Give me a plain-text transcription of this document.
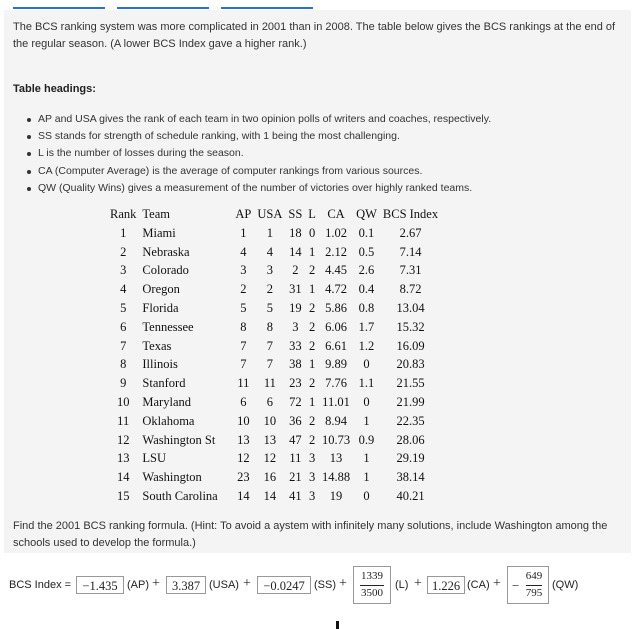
The BCS ranking system was more complicated in 2001 than in 2008. The table below gives the BCS rankings at the end of the regular season. (A lower BCS Index gave a higher rank.)
Table headings:
AP and USA gives the rank of each team in two opinion polls of writers and coaches, respectively.
SS stands for strength of schedule ranking, with 1 being the most challenging.
L is the number of losses during the season.
CA (Computer Average) is the average of computer rankings from various sources.
QW (Quality Wins) gives a measurement of the number of victories over highly ranked teams.
Rank	Team	AP	USA	SS	L	CA	QW	BCS Index
1	Miami	1	1	18	0	1.02	0.1	2.67
2	Nebraska	4	4	14	1	2.12	0.5	7.14
3	Colorado	3	3	2	2	4.45	2.6	7.31
4	Oregon	2	2	31	1	4.72	0.4	8.72
5	Florida	5	5	19	2	5.86	0.8	13.04
6	Tennessee	8	8	3	2	6.06	1.7	15.32
7	Texas	7	7	33	2	6.61	1.2	16.09
8	Illinois	7	7	38	1	9.89	0	20.83
9	Stanford	11	11	23	2	7.76	1.1	21.55
10	Maryland	6	6	72	1	11.01	0	21.99
11	Oklahoma	10	10	36	2	8.94	1	22.35
12	Washington St	13	13	47	2	10.73	0.9	28.06
13	LSU	12	12	11	3	13	1	29.19
14	Washington	23	16	21	3	14.88	1	38.14
15	South Carolina	14	14	41	3	19	0	40.21
Find the 2001 BCS ranking formula. (Hint: To avoid a aystem with infinitely many solutions, include Washington among the schools used to develop the formula.)
BCS Index = −1.435 (AP) + 3.387 (USA) + −0.0247 (SS) +	1339
3500
(L) + 1.226 (CA) + −
649
795
(QW)
